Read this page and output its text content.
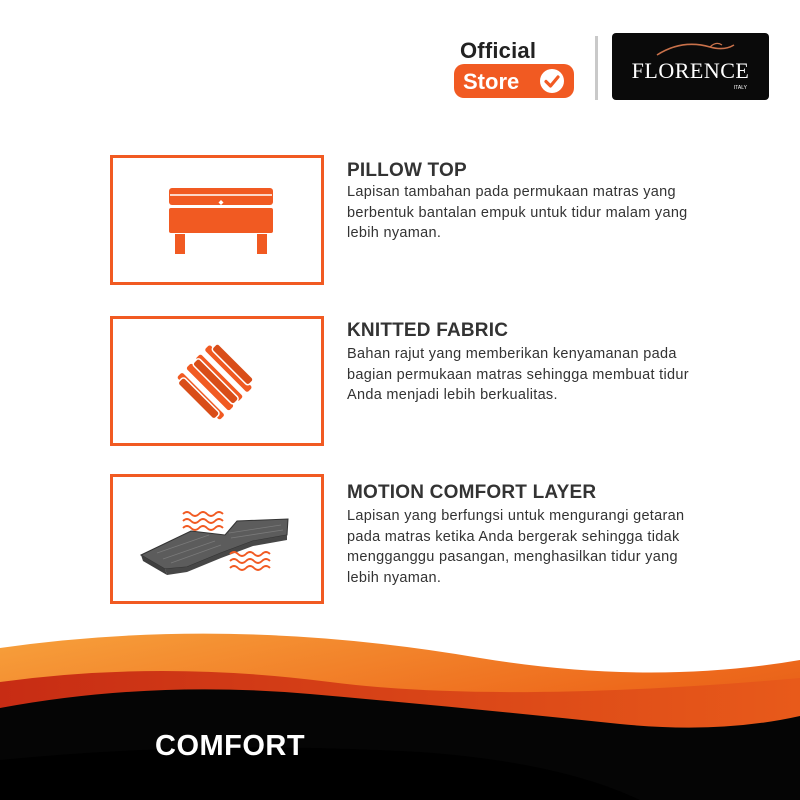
Official
Store	FLORENCE
ITALY
PILLOW TOP
Lapisan tambahan pada permukaan matras yang berbentuk bantalan empuk untuk tidur malam yang lebih nyaman.
KNITTED FABRIC
Bahan rajut yang memberikan kenyamanan pada bagian permukaan matras sehingga membuat tidur Anda menjadi lebih berkualitas.
MOTION COMFORT LAYER
Lapisan yang berfungsi untuk mengurangi getaran pada matras ketika Anda bergerak sehingga tidak mengganggu pasangan, menghasilkan tidur yang lebih nyaman.
COMFORT
